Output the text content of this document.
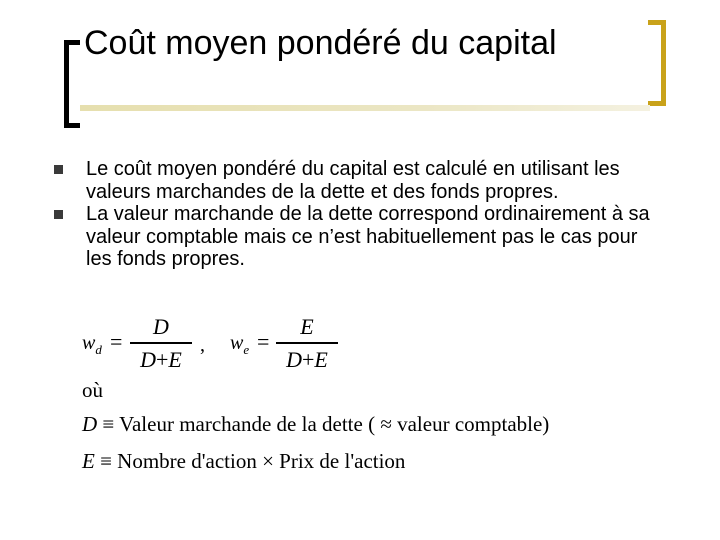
Coût moyen pondéré du capital
Le coût moyen pondéré du capital est calculé en utilisant les valeurs marchandes de la dette et des fonds propres.
La valeur marchande de la dette correspond ordinairement à sa valeur comptable mais ce n’est habituellement pas le cas pour les fonds propres.
$w_d$ =
D
D+E
, $w_e$ =
E
D+E
où
D ≡ Valeur marchande de la dette ( ≈ valeur comptable)
E ≡ Nombre d'action × Prix de l'action
